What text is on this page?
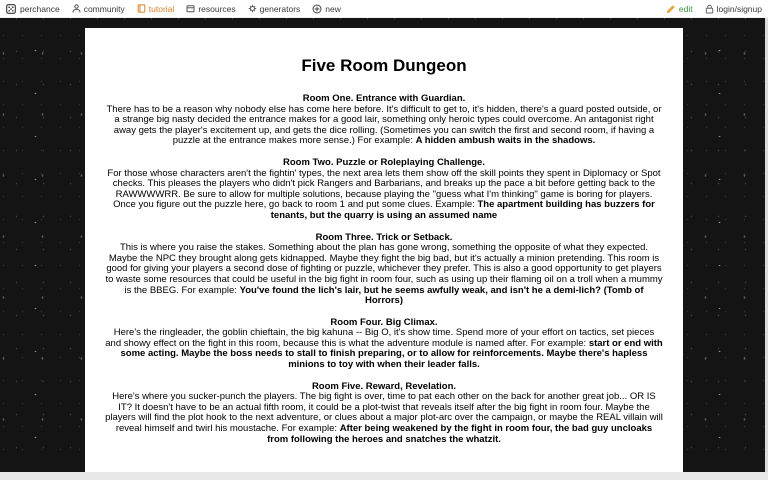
perchance	community	tutorial	resources	generators	new	edit	login/signup
Five Room Dungeon
Room One. Entrance with Guardian.
There has to be a reason why nobody else has come here before. It's difficult to get to, it's hidden, there's a guard posted outside, or a strange big nasty decided the entrance makes for a good lair, something only heroic types could overcome. An antagonist right away gets the player's excitement up, and gets the dice rolling. (Sometimes you can switch the first and second room, if having a puzzle at the entrance makes more sense.) For example: A hidden ambush waits in the shadows.
Room Two. Puzzle or Roleplaying Challenge.
For those whose characters aren't the fightin' types, the next area lets them show off the skill points they spent in Diplomacy or Spot checks. This pleases the players who didn't pick Rangers and Barbarians, and breaks up the pace a bit before getting back to the RAWWWWRR. Be sure to allow for multiple solutions, because playing the "guess what I'm thinking" game is boring for players. Once you figure out the puzzle here, go back to room 1 and put some clues. Example: The apartment building has buzzers for tenants, but the quarry is using an assumed name
Room Three. Trick or Setback.
This is where you raise the stakes. Something about the plan has gone wrong, something the opposite of what they expected. Maybe the NPC they brought along gets kidnapped. Maybe they fight the big bad, but it's actually a minion pretending. This room is good for giving your players a second dose of fighting or puzzle, whichever they prefer. This is also a good opportunity to get players to waste some resources that could be useful in the big fight in room four, such as using up their flaming oil on a troll when a mummy is the BBEG. For example: You've found the lich's lair, but he seems awfully weak, and isn't he a demi-lich? (Tomb of Horrors)
Room Four. Big Climax.
Here's the ringleader, the goblin chieftain, the big kahuna -- Big O, it's show time. Spend more of your effort on tactics, set pieces and showy effect on the fight in this room, because this is what the adventure module is named after. For example: start or end with some acting. Maybe the boss needs to stall to finish preparing, or to allow for reinforcements. Maybe there's hapless minions to toy with when their leader falls.
Room Five. Reward, Revelation.
Here's where you sucker-punch the players. The big fight is over, time to pat each other on the back for another great job... OR IS IT? It doesn't have to be an actual fifth room, it could be a plot-twist that reveals itself after the big fight in room four. Maybe the players will find the plot hook to the next adventure, or clues about a major plot-arc over the campaign, or maybe the REAL villain will reveal himself and twirl his moustache. For example: After being weakened by the fight in room four, the bad guy uncloaks from following the heroes and snatches the whatzit.
